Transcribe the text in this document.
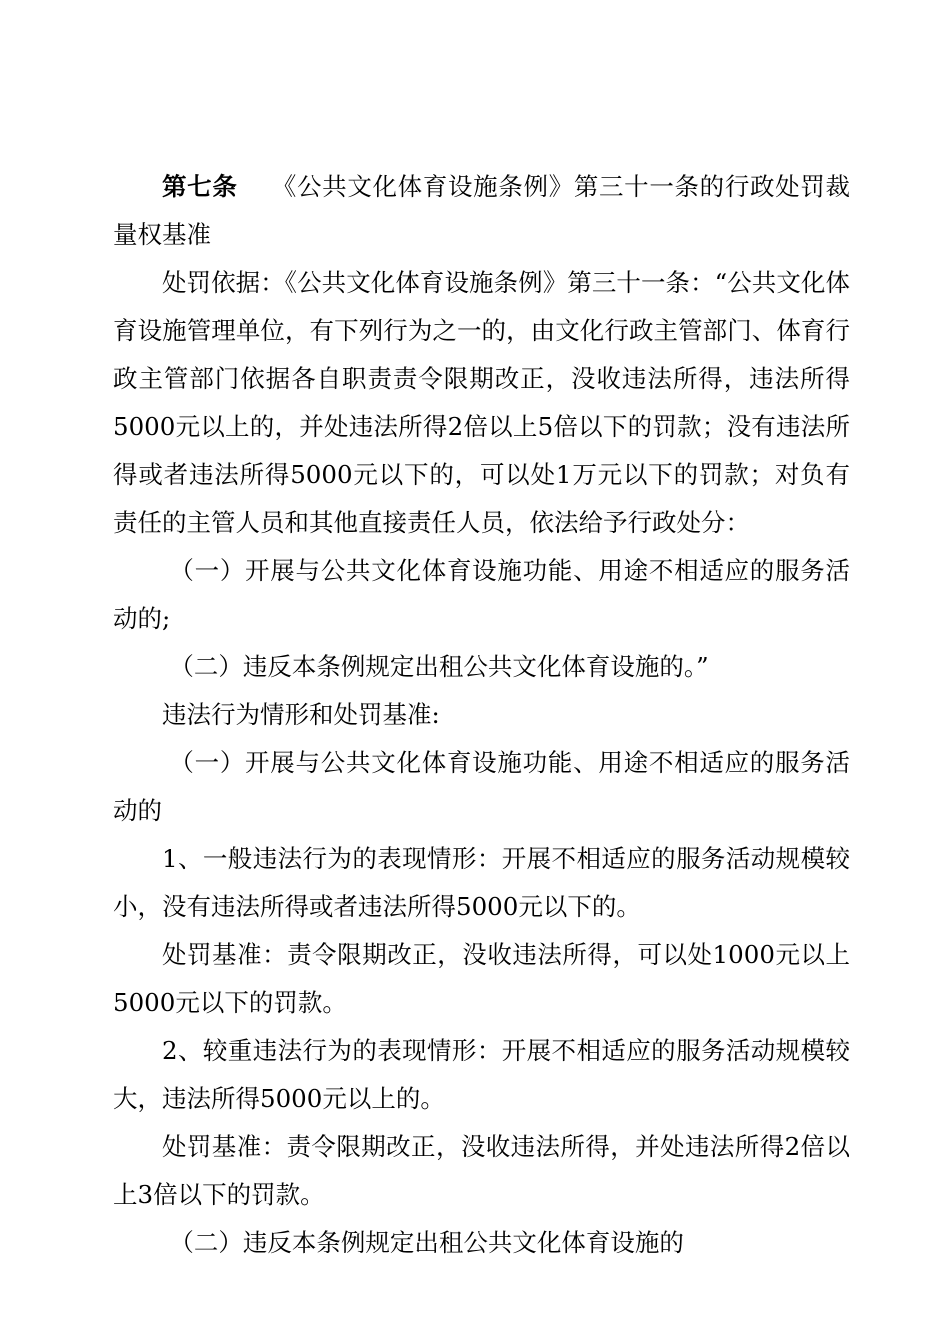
第七条 《公共文化体育设施条例》第三十一条的行政处罚裁量权基准

处罚依据：《公共文化体育设施条例》第三十一条：“公共文化体育设施管理单位，有下列行为之一的，由文化行政主管部门、体育行政主管部门依据各自职责责令限期改正，没收违法所得，违法所得5000元以上的，并处违法所得2倍以上5倍以下的罚款；没有违法所得或者违法所得5000元以下的，可以处1万元以下的罚款；对负有责任的主管人员和其他直接责任人员，依法给予行政处分：

（一）开展与公共文化体育设施功能、用途不相适应的服务活动的;

（二）违反本条例规定出租公共文化体育设施的。”

违法行为情形和处罚基准:

（一）开展与公共文化体育设施功能、用途不相适应的服务活动的

1、一般违法行为的表现情形：开展不相适应的服务活动规模较小，没有违法所得或者违法所得5000元以下的。

处罚基准：责令限期改正，没收违法所得，可以处1000元以上5000元以下的罚款。

2、较重违法行为的表现情形：开展不相适应的服务活动规模较大，违法所得5000元以上的。

处罚基准：责令限期改正，没收违法所得，并处违法所得2倍以上3倍以下的罚款。

（二）违反本条例规定出租公共文化体育设施的
